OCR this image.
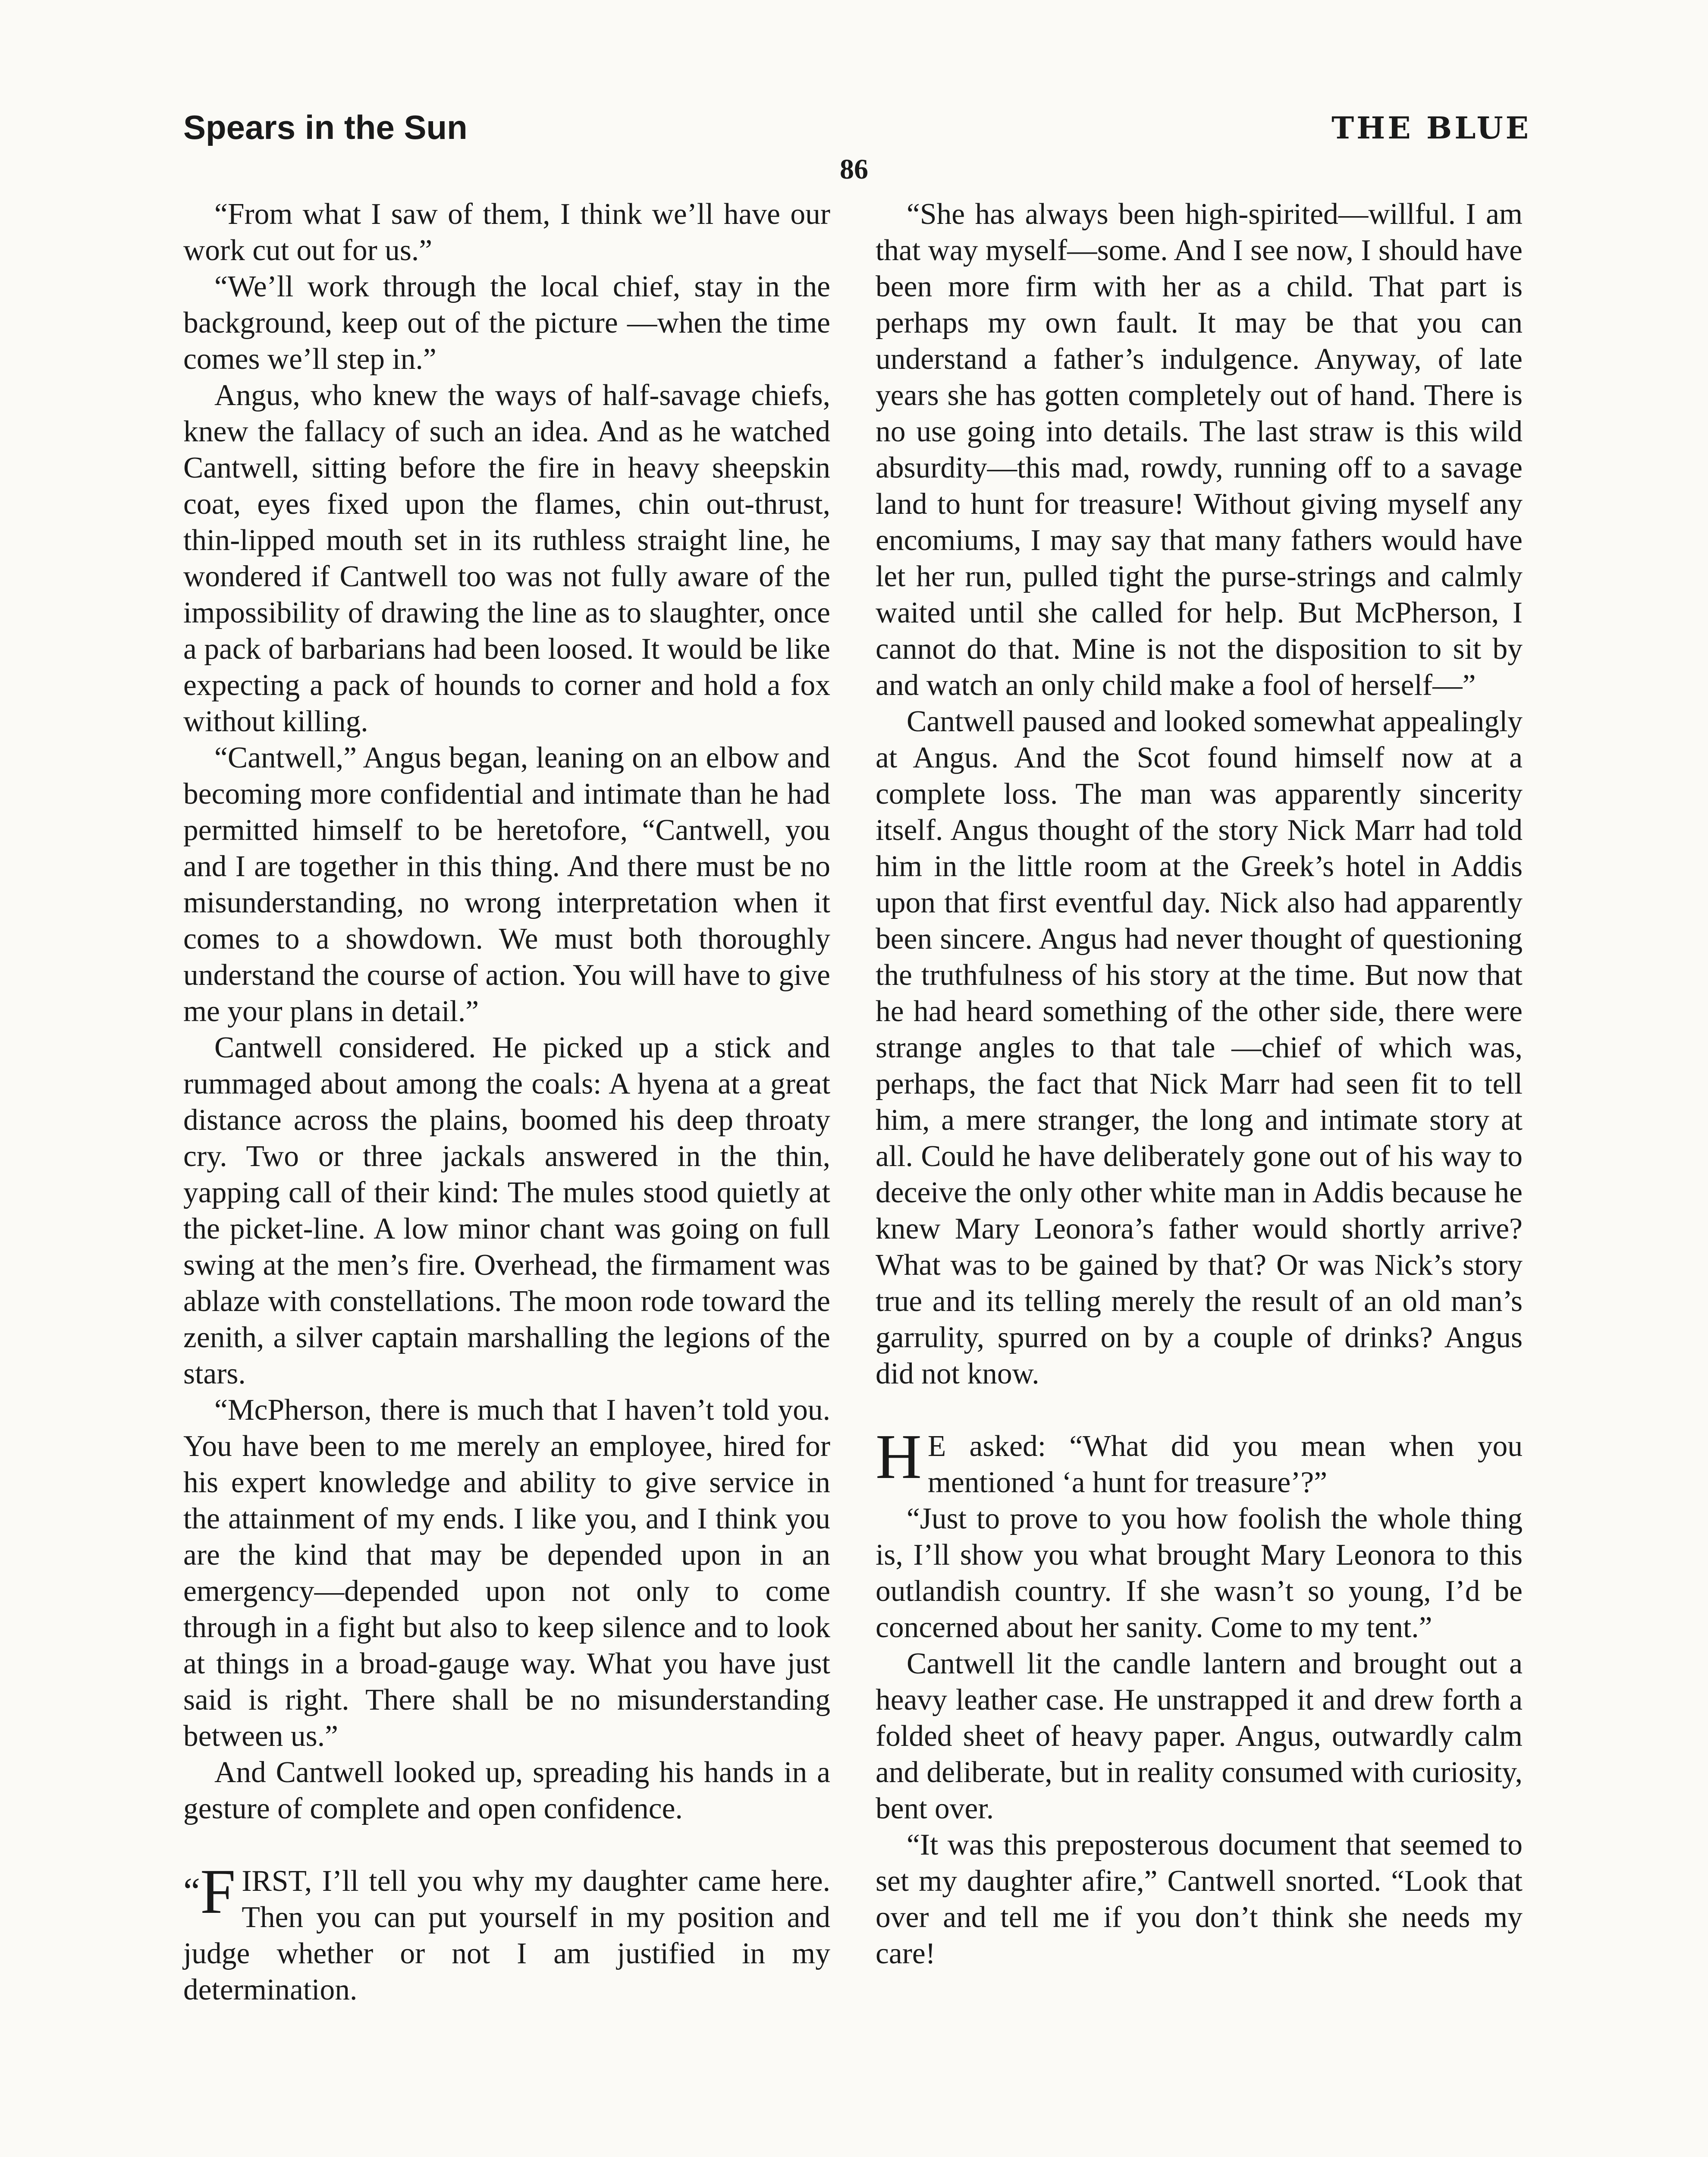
Spears in the Sun	THE BLUE
86

“From what I saw of them, I think we’ll have our work cut out for us.”

“We’ll work through the local chief, stay in the background, keep out of the picture —when the time comes we’ll step in.”

Angus, who knew the ways of half-savage chiefs, knew the fallacy of such an idea. And as he watched Cantwell, sitting before the fire in heavy sheepskin coat, eyes fixed upon the flames, chin out-thrust, thin-lipped mouth set in its ruthless straight line, he wondered if Cantwell too was not fully aware of the impossibility of drawing the line as to slaughter, once a pack of barbarians had been loosed. It would be like expecting a pack of hounds to corner and hold a fox without killing.

“Cantwell,” Angus began, leaning on an elbow and becoming more confidential and intimate than he had permitted himself to be heretofore, “Cantwell, you and I are together in this thing. And there must be no misunderstanding, no wrong interpretation when it comes to a showdown. We must both thoroughly understand the course of action. You will have to give me your plans in detail.”

Cantwell considered. He picked up a stick and rummaged about among the coals: A hyena at a great distance across the plains, boomed his deep throaty cry. Two or three jackals answered in the thin, yapping call of their kind: The mules stood quietly at the picket-line. A low minor chant was going on full swing at the men’s fire. Overhead, the firmament was ablaze with constellations. The moon rode toward the zenith, a silver captain marshalling the legions of the stars.

“McPherson, there is much that I haven’t told you. You have been to me merely an employee, hired for his expert knowledge and ability to give service in the attainment of my ends. I like you, and I think you are the kind that may be depended upon in an emergency—depended upon not only to come through in a fight but also to keep silence and to look at things in a broad-gauge way. What you have just said is right. There shall be no misunderstanding between us.”

And Cantwell looked up, spreading his hands in a gesture of complete and open confidence.

“F IRST, I’ll tell you why my daughter came here. Then you can put yourself in my position and judge whether or not I am justified in my determination.

“She has always been high-spirited—willful. I am that way myself—some. And I see now, I should have been more firm with her as a child. That part is perhaps my own fault. It may be that you can understand a father’s indulgence. Anyway, of late years she has gotten completely out of hand. There is no use going into details. The last straw is this wild absurdity—this mad, rowdy, running off to a savage land to hunt for treasure! Without giving myself any encomiums, I may say that many fathers would have let her run, pulled tight the purse-strings and calmly waited until she called for help. But McPherson, I cannot do that. Mine is not the disposition to sit by and watch an only child make a fool of herself—”

Cantwell paused and looked somewhat appealingly at Angus. And the Scot found himself now at a complete loss. The man was apparently sincerity itself. Angus thought of the story Nick Marr had told him in the little room at the Greek’s hotel in Addis upon that first eventful day. Nick also had apparently been sincere. Angus had never thought of questioning the truthfulness of his story at the time. But now that he had heard something of the other side, there were strange angles to that tale —chief of which was, perhaps, the fact that Nick Marr had seen fit to tell him, a mere stranger, the long and intimate story at all. Could he have deliberately gone out of his way to deceive the only other white man in Addis because he knew Mary Leonora’s father would shortly arrive? What was to be gained by that? Or was Nick’s story true and its telling merely the result of an old man’s garrulity, spurred on by a couple of drinks? Angus did not know.

H E asked: “What did you mean when you mentioned ‘a hunt for treasure’?”

“Just to prove to you how foolish the whole thing is, I’ll show you what brought Mary Leonora to this outlandish country. If she wasn’t so young, I’d be concerned about her sanity. Come to my tent.”

Cantwell lit the candle lantern and brought out a heavy leather case. He unstrapped it and drew forth a folded sheet of heavy paper. Angus, outwardly calm and deliberate, but in reality consumed with curiosity, bent over.

“It was this preposterous document that seemed to set my daughter afire,” Cantwell snorted. “Look that over and tell me if you don’t think she needs my care!
